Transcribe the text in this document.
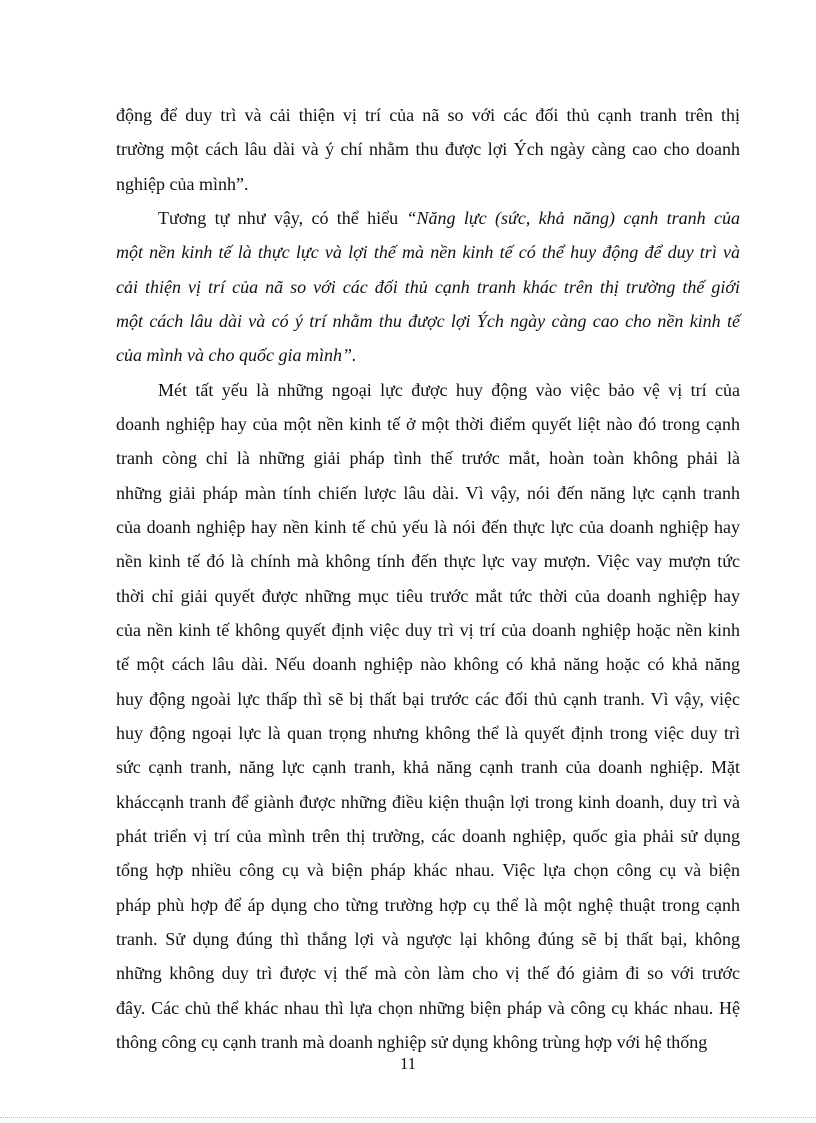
động để duy trì và cải thiện vị trí của nã so với các đối thủ cạnh tranh trên thị
trường một cách lâu dài và ý chí nhằm thu được lợi Ých ngày càng cao cho doanh
nghiệp của mình”.
Tương tự như vậy, có thể hiểu “Năng lực (sức, khả năng) cạnh tranh của
một nền kinh tế là thực lực và lợi thế mà nền kinh tế có thể huy động để duy trì và
cải thiện vị trí của nã so với các đối thủ cạnh tranh khác trên thị trường thế giới
một cách lâu dài và có ý trí nhằm thu được lợi Ých ngày càng cao cho nền kinh tế
của mình và cho quốc gia mình”.
Mét tất yếu là những ngoại lực được huy động vào việc bảo vệ vị trí của
doanh nghiệp hay của một nền kinh tế ở một thời điểm quyết liệt nào đó trong cạnh
tranh còng chỉ là những giải pháp tình thế trước mắt, hoàn toàn không phải là
những giải pháp màn tính chiến lược lâu dài. Vì vậy, nói đến năng lực cạnh tranh
của doanh nghiệp hay nền kinh tế chủ yếu là nói đến thực lực của doanh nghiệp hay
nền kinh tế đó là chính mà không tính đến thực lực vay mượn. Việc vay mượn tức
thời chỉ giải quyết được những mục tiêu trước mắt tức thời của doanh nghiệp hay
của nền kinh tế không quyết định việc duy trì vị trí của doanh nghiệp hoặc nền kinh
tế một cách lâu dài. Nếu doanh nghiệp nào không có khả năng hoặc có khả năng
huy động ngoài lực thấp thì sẽ bị thất bại trước các đối thủ cạnh tranh. Vì vậy, việc
huy động ngoại lực là quan trọng nhưng không thể là quyết định trong việc duy trì
sức cạnh tranh, năng lực cạnh tranh, khả năng cạnh tranh của doanh nghiệp. Mặt
kháccạnh tranh để giành được những điều kiện thuận lợi trong kinh doanh, duy trì và
phát triển vị trí của mình trên thị trường, các doanh nghiệp, quốc gia phải sử dụng
tổng hợp nhiều công cụ và biện pháp khác nhau. Việc lựa chọn công cụ và biện
pháp phù hợp để áp dụng cho từng trường hợp cụ thể là một nghệ thuật trong cạnh
tranh. Sử dụng đúng thì thắng lợi và ngược lại không đúng sẽ bị thất bại, không
những không duy trì được vị thế mà còn làm cho vị thế đó giảm đi so với trước
đây. Các chủ thể khác nhau thì lựa chọn những biện pháp và công cụ khác nhau. Hệ
11
thông công cụ cạnh tranh mà doanh nghiệp sử dụng không trùng hợp với hệ thống
